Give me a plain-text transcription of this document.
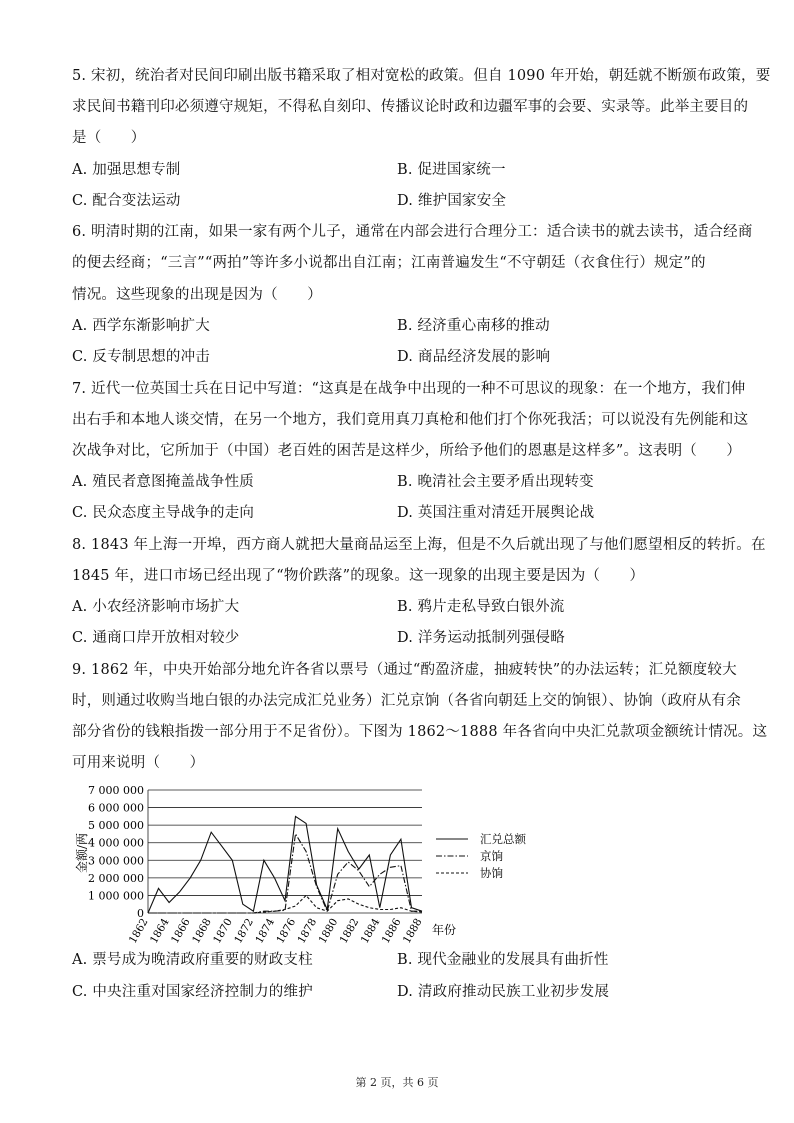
5. 宋初，统治者对民间印刷出版书籍采取了相对宽松的政策。但自 1090 年开始，朝廷就不断颁布政策，要
求民间书籍刊印必须遵守规矩，不得私自刻印、传播议论时政和边疆军事的会要、实录等。此举主要目的
是（　　）
A. 加强思想专制	B. 促进国家统一
C. 配合变法运动	D. 维护国家安全
6. 明清时期的江南，如果一家有两个儿子，通常在内部会进行合理分工：适合读书的就去读书，适合经商
的便去经商；“三言”“两拍”等许多小说都出自江南；江南普遍发生“不守朝廷（衣食住行）规定”的
情况。这些现象的出现是因为（　　）
A. 西学东渐影响扩大	B. 经济重心南移的推动
C. 反专制思想的冲击	D. 商品经济发展的影响
7. 近代一位英国士兵在日记中写道：“这真是在战争中出现的一种不可思议的现象：在一个地方，我们伸
出右手和本地人谈交情，在另一个地方，我们竟用真刀真枪和他们打个你死我活；可以说没有先例能和这
次战争对比，它所加于（中国）老百姓的困苦是这样少，所给予他们的恩惠是这样多”。这表明（　　）
A. 殖民者意图掩盖战争性质	B. 晚清社会主要矛盾出现转变
C. 民众态度主导战争的走向	D. 英国注重对清廷开展舆论战
8. 1843 年上海一开埠，西方商人就把大量商品运至上海，但是不久后就出现了与他们愿望相反的转折。在
1845 年，进口市场已经出现了“物价跌落”的现象。这一现象的出现主要是因为（　　）
A. 小农经济影响市场扩大	B. 鸦片走私导致白银外流
C. 通商口岸开放相对较少	D. 洋务运动抵制列强侵略
9. 1862 年，中央开始部分地允许各省以票号（通过“酌盈济虚，抽疲转快”的办法运转；汇兑额度较大
时，则通过收购当地白银的办法完成汇兑业务）汇兑京饷（各省向朝廷上交的饷银）、协饷（政府从有余
部分省份的钱粮指拨一部分用于不足省份）。下图为 1862～1888 年各省向中央汇兑款项金额统计情况。这
可用来说明（　　）
7 000 000
6 000 000
5 000 000
4 000 000
3 000 000
2 000 000
1 000 000
0
1862
1864
1866
1868
1870
1872
1874
1876
1878
1880
1882
1884
1886
1888
汇兑总额
京饷
协饷
金额/两
年份
A. 票号成为晚清政府重要的财政支柱	B. 现代金融业的发展具有曲折性
C. 中央注重对国家经济控制力的维护	D. 清政府推动民族工业初步发展
第 2 页，共 6 页
